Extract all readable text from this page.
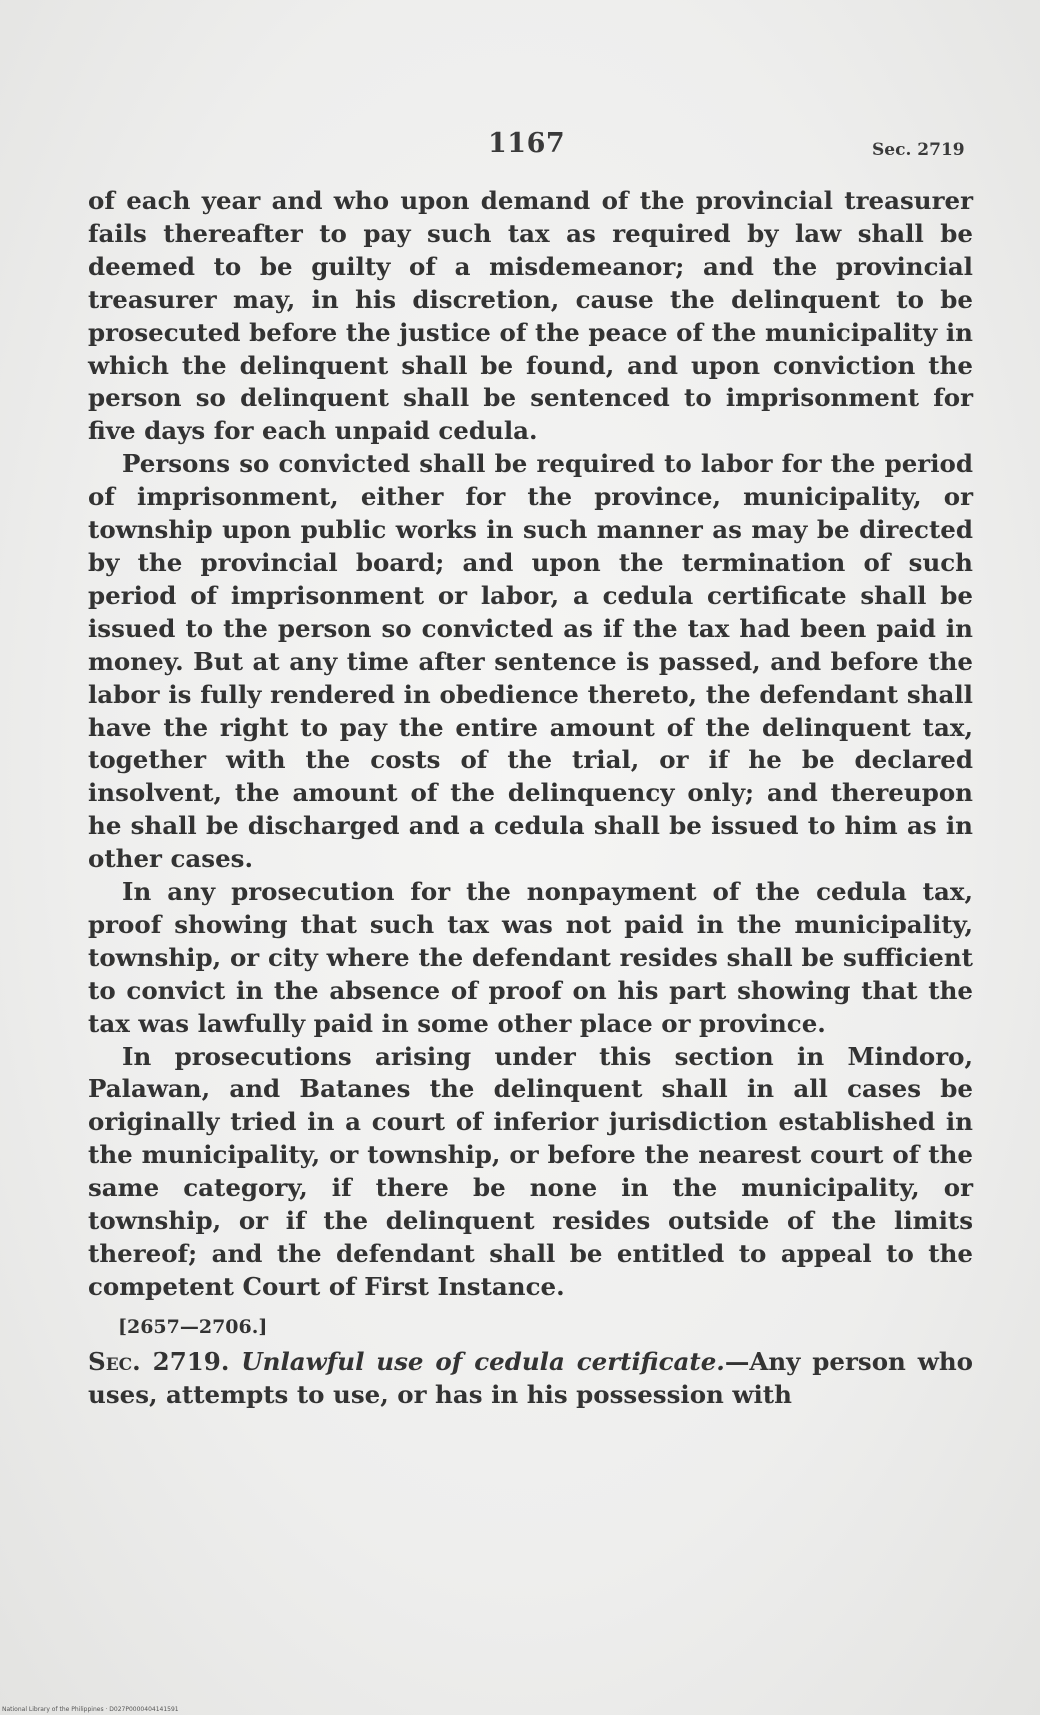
1167	Sec. 2719

of each year and who upon demand of the provincial treasurer fails thereafter to pay such tax as required by law shall be deemed to be guilty of a misdemeanor; and the provincial treasurer may, in his discretion, cause the delinquent to be prosecuted before the justice of the peace of the municipality in which the delinquent shall be found, and upon conviction the person so delinquent shall be sentenced to imprisonment for five days for each unpaid cedula.

Persons so convicted shall be required to labor for the period of imprisonment, either for the province, municipality, or township upon public works in such manner as may be directed by the provincial board; and upon the termination of such period of imprisonment or labor, a cedula certificate shall be issued to the person so convicted as if the tax had been paid in money. But at any time after sentence is passed, and before the labor is fully rendered in obedience thereto, the defendant shall have the right to pay the entire amount of the delinquent tax, together with the costs of the trial, or if he be declared insolvent, the amount of the delinquency only; and thereupon he shall be discharged and a cedula shall be issued to him as in other cases.

In any prosecution for the nonpayment of the cedula tax, proof showing that such tax was not paid in the municipality, township, or city where the defendant resides shall be sufficient to convict in the absence of proof on his part showing that the tax was lawfully paid in some other place or province.

In prosecutions arising under this section in Mindoro, Palawan, and Batanes the delinquent shall in all cases be originally tried in a court of inferior jurisdiction established in the municipality, or township, or before the nearest court of the same category, if there be none in the municipality, or township, or if the delinquent resides outside of the limits thereof; and the defendant shall be entitled to appeal to the competent Court of First Instance.

[2657—2706.]

Sec. 2719. Unlawful use of cedula certificate.—Any person who uses, attempts to use, or has in his possession with

National Library of the Philippines · D027P0000404141591
